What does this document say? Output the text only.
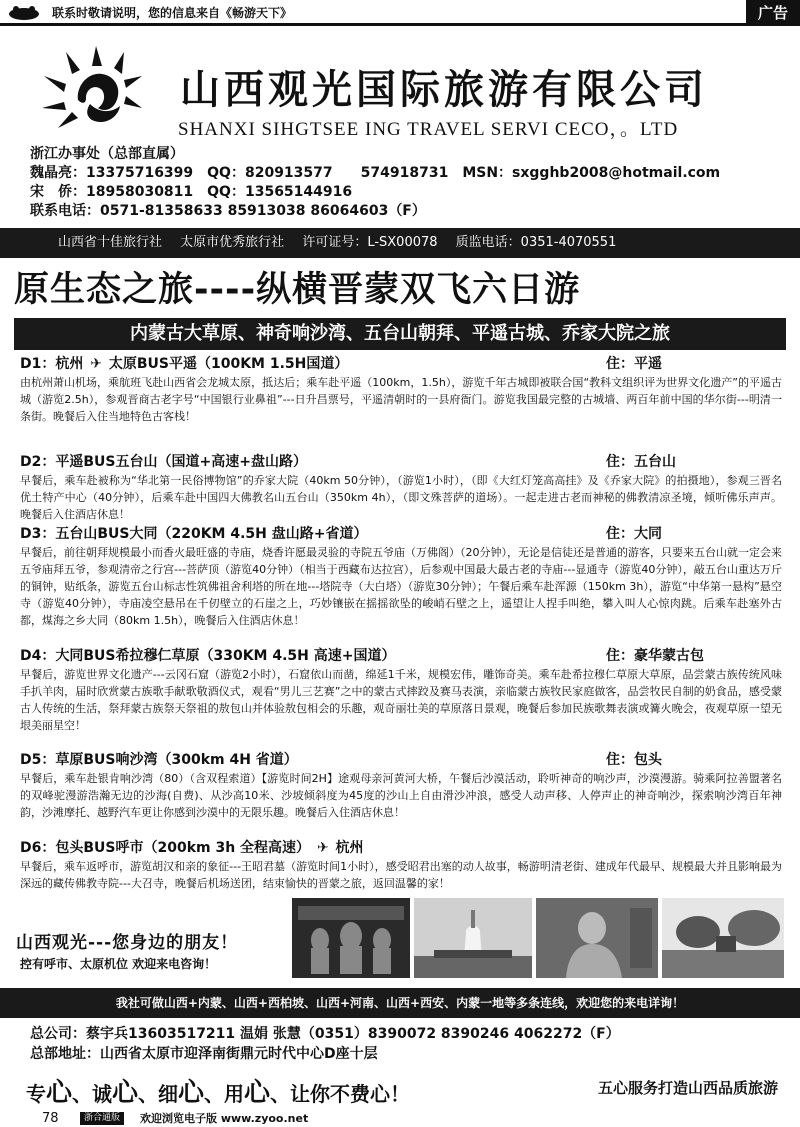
联系时敬请说明，您的信息来自《畅游天下》	广告
山西观光国际旅游有限公司
SHANXI SIHGTSEE ING TRAVEL SERVI CECO，。LTD
浙江办事处（总部直属）
魏晶亮：13375716399 QQ：820913577 574918731 MSN：sxgghb2008@hotmail.com
宋　侨：18958030811 QQ：13565144916
联系电话：0571-81358633 85913038 86064603（F）
山西省十佳旅行社 太原市优秀旅行社 许可证号：L-SX00078 质监电话：0351-4070551
原生态之旅----纵横晋蒙双飞六日游
内蒙古大草原、神奇响沙湾、五台山朝拜、平遥古城、乔家大院之旅
D1：杭州 ✈ 太原BUS平遥（100KM 1.5H国道）	住：平遥
由杭州萧山机场，乘航班飞赴山西省会龙城太原，抵达后；乘车赴平遥（100km，1.5h），游览千年古城即被联合国“教科文组织评为世界文化遗产”的平遥古城（游览2.5h），参观晋商古老字号“中国银行业鼻祖”---日升昌票号，平遥清朝时的一县府衙门。游览我国最完整的古城墙、两百年前中国的华尔街---明清一条街。晚餐后入住当地特色古客栈！
D2：平遥BUS五台山（国道+高速+盘山路）	住：五台山
早餐后，乘车赴被称为“华北第一民俗博物馆”的乔家大院（40km 50分钟），（游览1小时），（即《大红灯笼高高挂》及《乔家大院》的拍摄地），参观三晋名优土特产中心（40分钟），后乘车赴中国四大佛教名山五台山（350km 4h），（即文殊菩萨的道场）。一起走进古老而神秘的佛教清凉圣境，倾听佛乐声声。晚餐后入住酒店休息！
D3：五台山BUS大同（220KM 4.5H 盘山路+省道）	住：大同
早餐后，前往朝拜规模最小而香火最旺盛的寺庙，烧香许愿最灵验的寺院五爷庙（万佛阁）（20分钟），无论是信徒还是普通的游客，只要来五台山就一定会来五爷庙拜五爷，参观清帝之行宫---菩萨顶（游览40分钟）（相当于西藏布达拉宫），后参观中国最大最古老的寺庙---显通寺（游览40分钟），敲五台山重达万斤的铜钟，贴纸条，游览五台山标志性筑佛祖舍利塔的所在地---塔院寺（大白塔）（游览30分钟）；午餐后乘车赴浑源（150km 3h），游览“中华第一悬构”悬空寺（游览40分钟），寺庙凌空悬吊在千仞壁立的石崖之上，巧妙镶嵌在摇摇欲坠的峻峭石壁之上，遥望让人捏手叫绝，攀入叫人心惊肉跳。后乘车赴塞外古都，煤海之乡大同（80km 1.5h），晚餐后入住酒店休息！
D4：大同BUS希拉穆仁草原（330KM 4.5H 高速+国道）	住：豪华蒙古包
早餐后，游览世界文化遗产---云冈石窟（游览2小时），石窟依山而凿，绵延1千米，规模宏伟，雕饰奇美。乘车赴希拉穆仁草原大草原，品尝蒙古族传统风味手扒羊肉，届时欣赏蒙古族歌手献歌敬酒仪式，观看“男儿三艺赛”之中的蒙古式摔跤及赛马表演，亲临蒙古族牧民家庭做客，品尝牧民自制的奶食品，感受蒙古人传统的生活，祭拜蒙古族祭天祭祖的敖包山并体验敖包相会的乐趣，观奇丽壮美的草原落日景观，晚餐后参加民族歌舞表演或篝火晚会，夜观草原一望无垠美丽星空！
D5：草原BUS响沙湾（300km 4H 省道）	住：包头
早餐后，乘车赴银肯响沙湾（80）（含双程索道）【游览时间2H】途观母亲河黄河大桥，午餐后沙漠活动，聆听神奇的响沙声，沙漠漫游。骑乘阿拉善盟著名的双峰驼漫游浩瀚无边的沙海(自费)、从沙高10米、沙坡倾斜度为45度的沙山上自由滑沙冲浪，感受人动声移、人停声止的神奇响沙，探索响沙湾百年神韵，沙滩摩托、越野汽车更让你感到沙漠中的无限乐趣。晚餐后入住酒店休息！
D6：包头BUS呼市（200km 3h 全程高速） ✈ 杭州
早餐后，乘车返呼市，游览胡汉和亲的象征---王昭君墓（游览时间1小时），感受昭君出塞的动人故事，畅游明清老街、建成年代最早、规模最大并且影响最为深远的藏传佛教寺院---大召寺，晚餐后机场送团，结束愉快的晋蒙之旅，返回温馨的家！
山西观光---您身边的朋友！
控有呼市、太原机位 欢迎来电咨询！
我社可做山西+内蒙、山西+西柏坡、山西+河南、山西+西安、内蒙一地等多条连线，欢迎您的来电详询！
总公司：蔡宇兵13603517211 温娟 张慧（0351）8390072 8390246 4062272（F）
总部地址：山西省太原市迎泽南街鼎元时代中心D座十层
专心、诚心、细心、用心、让你不费心！	五心服务打造山西品质旅游
78	浙合通版	欢迎浏览电子版 www.zyoo.net
